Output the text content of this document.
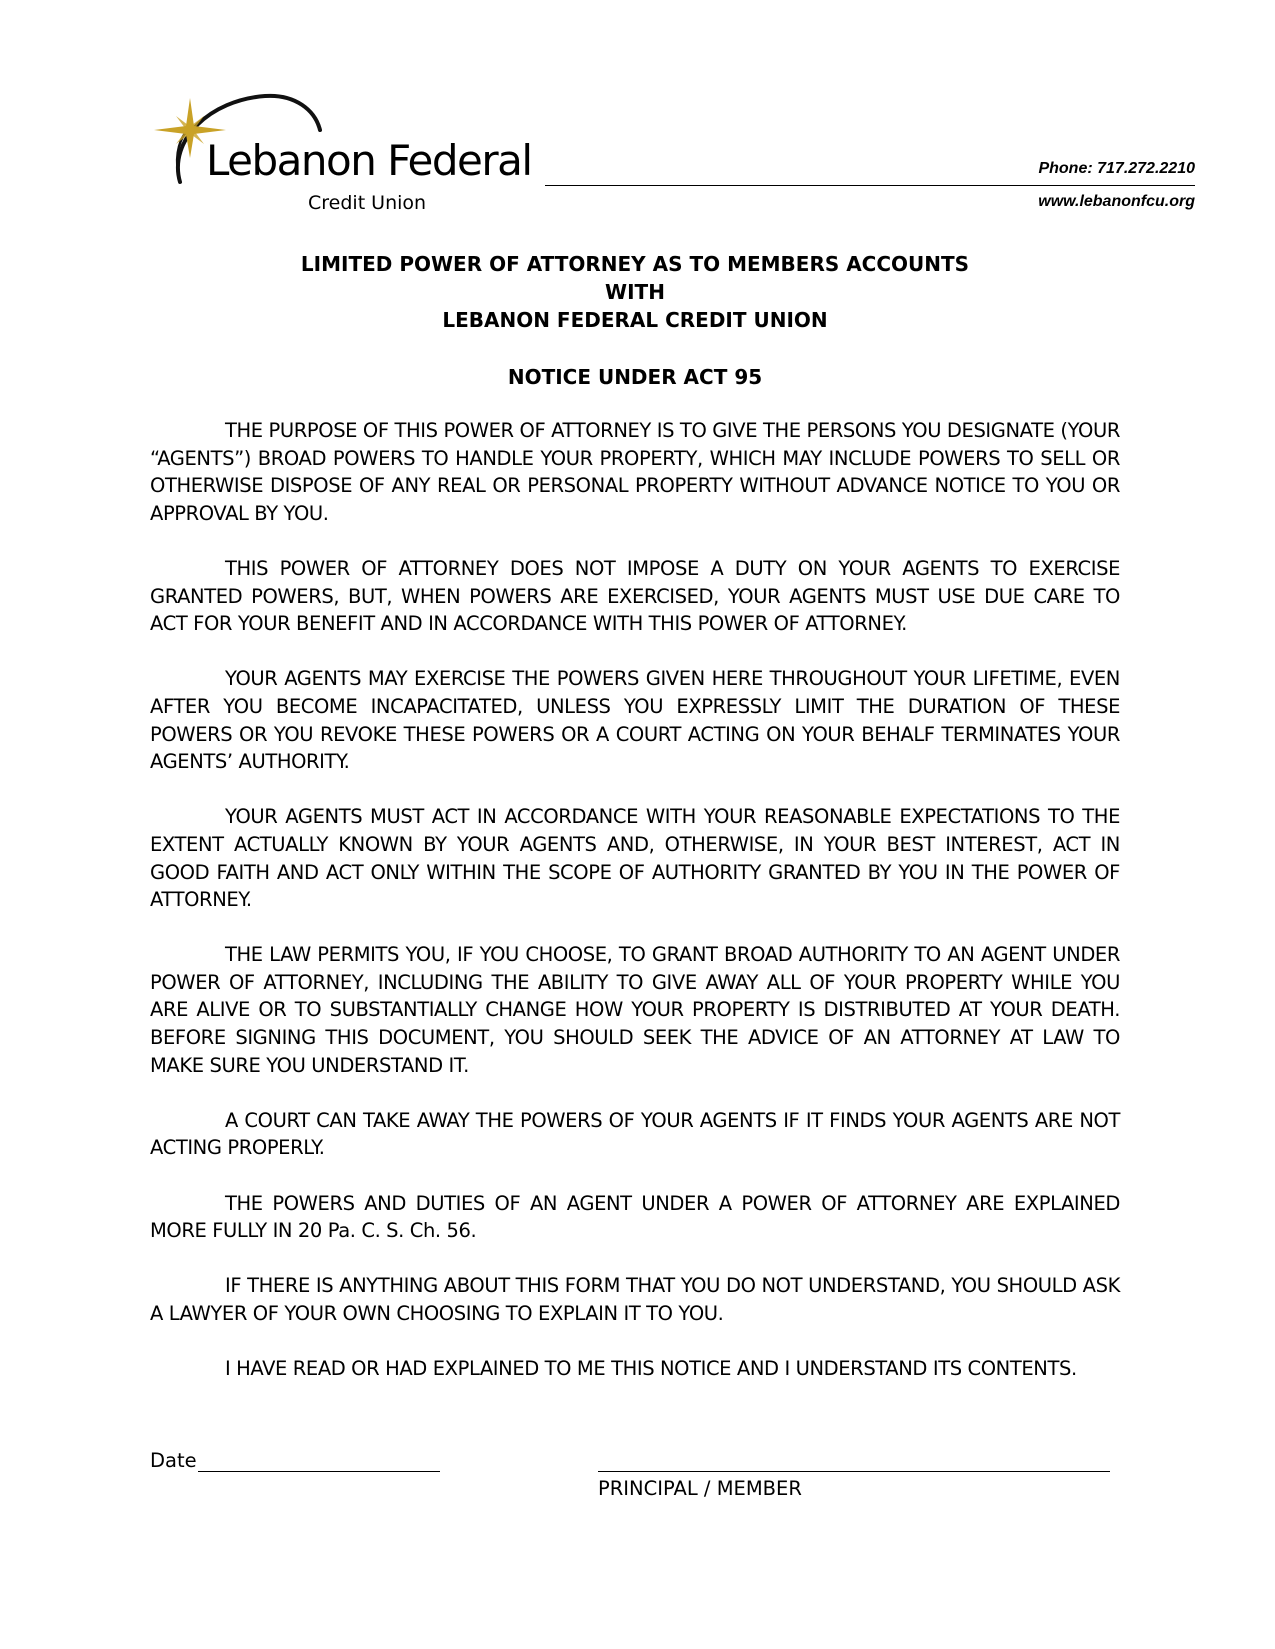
Lebanon Federal
Credit Union
Phone: 717.272.2210
www.lebanonfcu.org
LIMITED POWER OF ATTORNEY AS TO MEMBERS ACCOUNTS
WITH
LEBANON FEDERAL CREDIT UNION
NOTICE UNDER ACT 95

THE PURPOSE OF THIS POWER OF ATTORNEY IS TO GIVE THE PERSONS YOU DESIGNATE (YOUR “AGENTS”) BROAD POWERS TO HANDLE YOUR PROPERTY, WHICH MAY INCLUDE POWERS TO SELL OR OTHERWISE DISPOSE OF ANY REAL OR PERSONAL PROPERTY WITHOUT ADVANCE NOTICE TO YOU OR APPROVAL BY YOU.

THIS POWER OF ATTORNEY DOES NOT IMPOSE A DUTY ON YOUR AGENTS TO EXERCISE GRANTED POWERS, BUT, WHEN POWERS ARE EXERCISED, YOUR AGENTS MUST USE DUE CARE TO ACT FOR YOUR BENEFIT AND IN ACCORDANCE WITH THIS POWER OF ATTORNEY.

YOUR AGENTS MAY EXERCISE THE POWERS GIVEN HERE THROUGHOUT YOUR LIFETIME, EVEN AFTER YOU BECOME INCAPACITATED, UNLESS YOU EXPRESSLY LIMIT THE DURATION OF THESE POWERS OR YOU REVOKE THESE POWERS OR A COURT ACTING ON YOUR BEHALF TERMINATES YOUR AGENTS’ AUTHORITY.

YOUR AGENTS MUST ACT IN ACCORDANCE WITH YOUR REASONABLE EXPECTATIONS TO THE EXTENT ACTUALLY KNOWN BY YOUR AGENTS AND, OTHERWISE, IN YOUR BEST INTEREST, ACT IN GOOD FAITH AND ACT ONLY WITHIN THE SCOPE OF AUTHORITY GRANTED BY YOU IN THE POWER OF ATTORNEY.

THE LAW PERMITS YOU, IF YOU CHOOSE, TO GRANT BROAD AUTHORITY TO AN AGENT UNDER POWER OF ATTORNEY, INCLUDING THE ABILITY TO GIVE AWAY ALL OF YOUR PROPERTY WHILE YOU ARE ALIVE OR TO SUBSTANTIALLY CHANGE HOW YOUR PROPERTY IS DISTRIBUTED AT YOUR DEATH. BEFORE SIGNING THIS DOCUMENT, YOU SHOULD SEEK THE ADVICE OF AN ATTORNEY AT LAW TO MAKE SURE YOU UNDERSTAND IT.

A COURT CAN TAKE AWAY THE POWERS OF YOUR AGENTS IF IT FINDS YOUR AGENTS ARE NOT ACTING PROPERLY.

THE POWERS AND DUTIES OF AN AGENT UNDER A POWER OF ATTORNEY ARE EXPLAINED MORE FULLY IN 20 Pa. C. S. Ch. 56.

IF THERE IS ANYTHING ABOUT THIS FORM THAT YOU DO NOT UNDERSTAND, YOU SHOULD ASK A LAWYER OF YOUR OWN CHOOSING TO EXPLAIN IT TO YOU.

I HAVE READ OR HAD EXPLAINED TO ME THIS NOTICE AND I UNDERSTAND ITS CONTENTS.

Date
PRINCIPAL / MEMBER
